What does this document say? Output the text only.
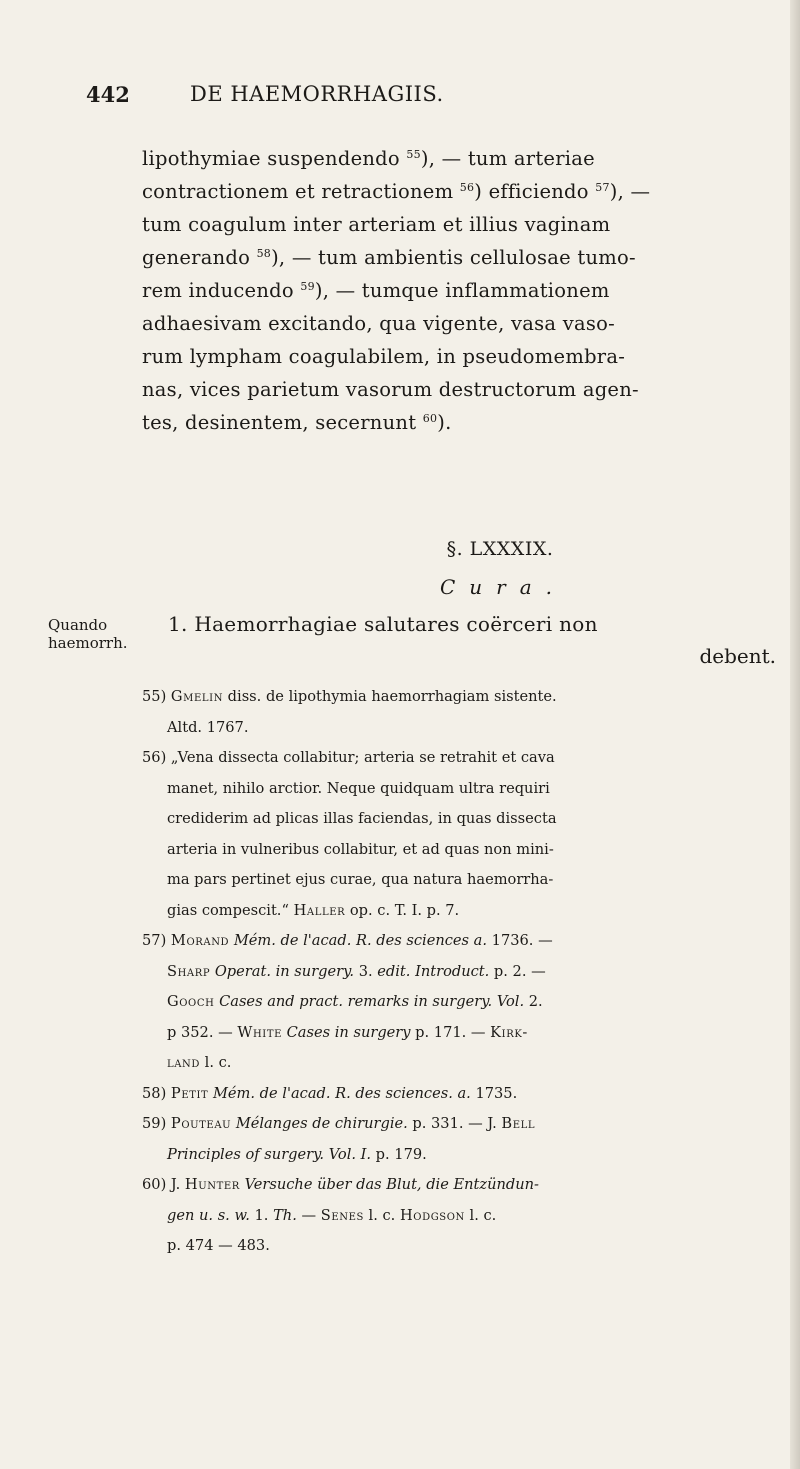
442	DE HAEMORRHAGIIS.
lipothymiae suspendendo $^{55}$), — tum arteriae
contractionem et retractionem $^{56}$) efficiendo $^{57}$), —
tum coagulum inter arteriam et illius vaginam
generando $^{58}$), — tum ambientis cellulosae tumo-
rem inducendo $^{59}$), — tumque inflammationem
adhaesivam excitando, qua vigente, vasa vaso-
rum lympham coagulabilem, in pseudomembra-
nas, vices parietum vasorum destructorum agen-
tes, desinentem, secernunt $^{60}$).
§. LXXXIX.
Cura.
Quando
haemorrh.
1. Haemorrhagiae salutares coërceri non
debent.
55) Gmelin diss. de lipothymia haemorrhagiam sistente.
Altd. 1767.
56) „Vena dissecta collabitur; arteria se retrahit et cava
manet, nihilo arctior. Neque quidquam ultra requiri
crediderim ad plicas illas faciendas, in quas dissecta
arteria in vulneribus collabitur, et ad quas non mini-
ma pars pertinet ejus curae, qua natura haemorrha-
gias compescit.“ Haller op. c. T. I. p. 7.
57) Morand Mém. de l'acad. R. des sciences a. 1736. —
Sharp Operat. in surgery. 3. edit. Introduct. p. 2. —
Gooch Cases and pract. remarks in surgery. Vol. 2.
p 352. — White Cases in surgery p. 171. — Kirk-
land l. c.
58) Petit Mém. de l'acad. R. des sciences. a. 1735.
59) Pouteau Mélanges de chirurgie. p. 331. — J. Bell
Principles of surgery. Vol. I. p. 179.
60) J. Hunter Versuche über das Blut, die Entzündun-
gen u. s. w. 1. Th. — Senes l. c. Hodgson l. c.
p. 474 — 483.
